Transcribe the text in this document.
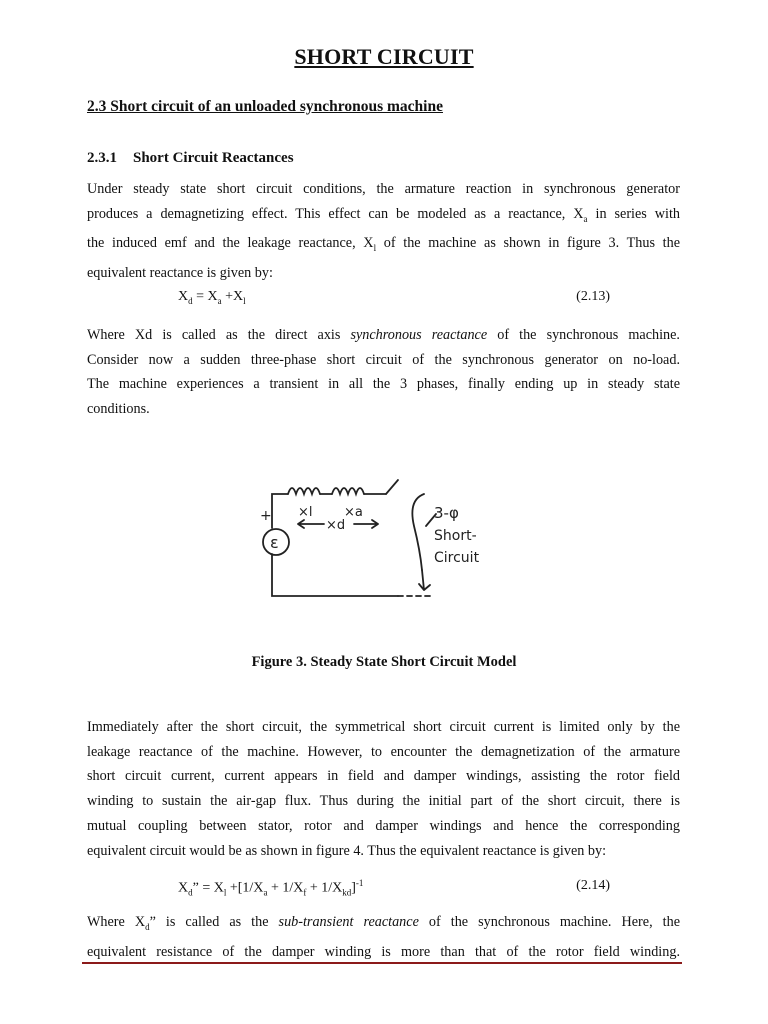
SHORT CIRCUIT
2.3 Short circuit of an unloaded synchronous machine
2.3.1 Short Circuit Reactances

Under steady state short circuit conditions, the armature reaction in synchronous generator
produces a demagnetizing effect. This effect can be modeled as a reactance, $X_a$ in series with
the induced emf and the leakage reactance, $X_l$ of the machine as shown in figure 3. Thus the
equivalent reactance is given by:

$X_d = X_a +X_l$	(2.13)

Where Xd is called as the direct axis synchronous reactance of the synchronous machine.
Consider now a sudden three-phase short circuit of the synchronous generator on no-load.
The machine experiences a transient in all the 3 phases, finally ending up in steady state
conditions.

+
ε
×l ×a
×d
3-φ
Short-
Circuit
Figure 3. Steady State Short Circuit Model

Immediately after the short circuit, the symmetrical short circuit current is limited only by the
leakage reactance of the machine. However, to encounter the demagnetization of the armature
short circuit current, current appears in field and damper windings, assisting the rotor field
winding to sustain the air-gap flux. Thus during the initial part of the short circuit, there is
mutual coupling between stator, rotor and damper windings and hence the corresponding
equivalent circuit would be as shown in figure 4. Thus the equivalent reactance is given by:

$X_d$” = $X_l +[1/X_a + 1/X_f + 1/X_{kd}]^{-1}$	(2.14)

Where $X_d$” is called as the sub-transient reactance of the synchronous machine. Here, the
equivalent resistance of the damper winding is more than that of the rotor field winding.
